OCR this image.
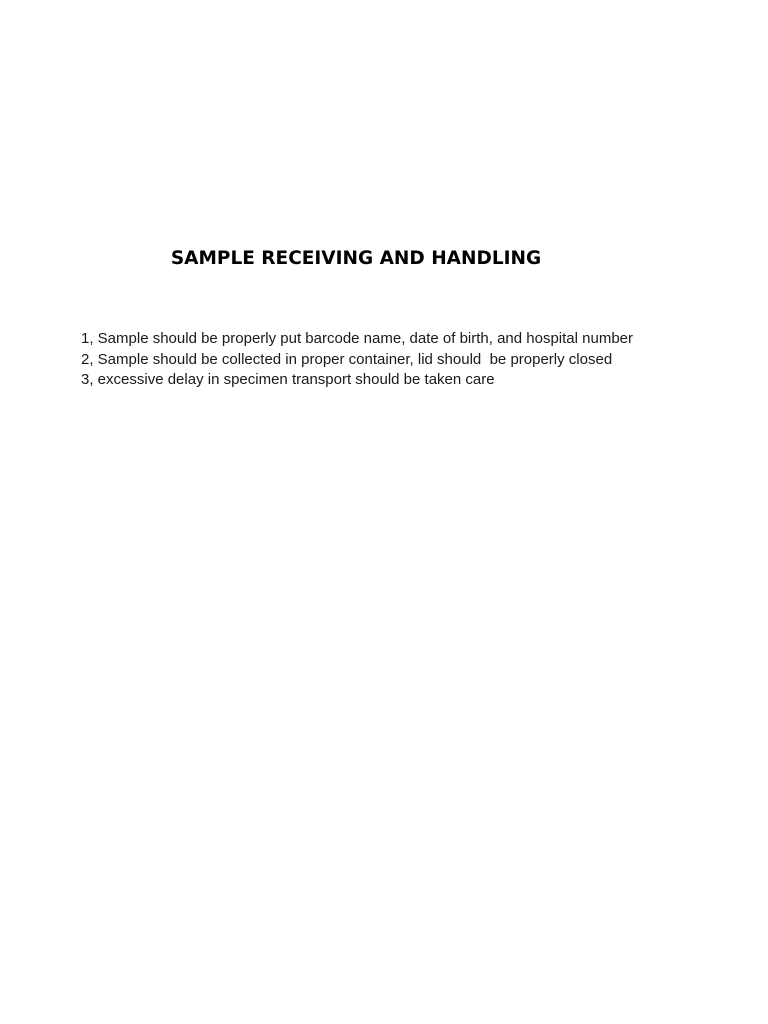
SAMPLE RECEIVING AND HANDLING
1, Sample should be properly put barcode name, date of birth, and hospital number
2, Sample should be collected in proper container, lid should  be properly closed
3, excessive delay in specimen transport should be taken care
